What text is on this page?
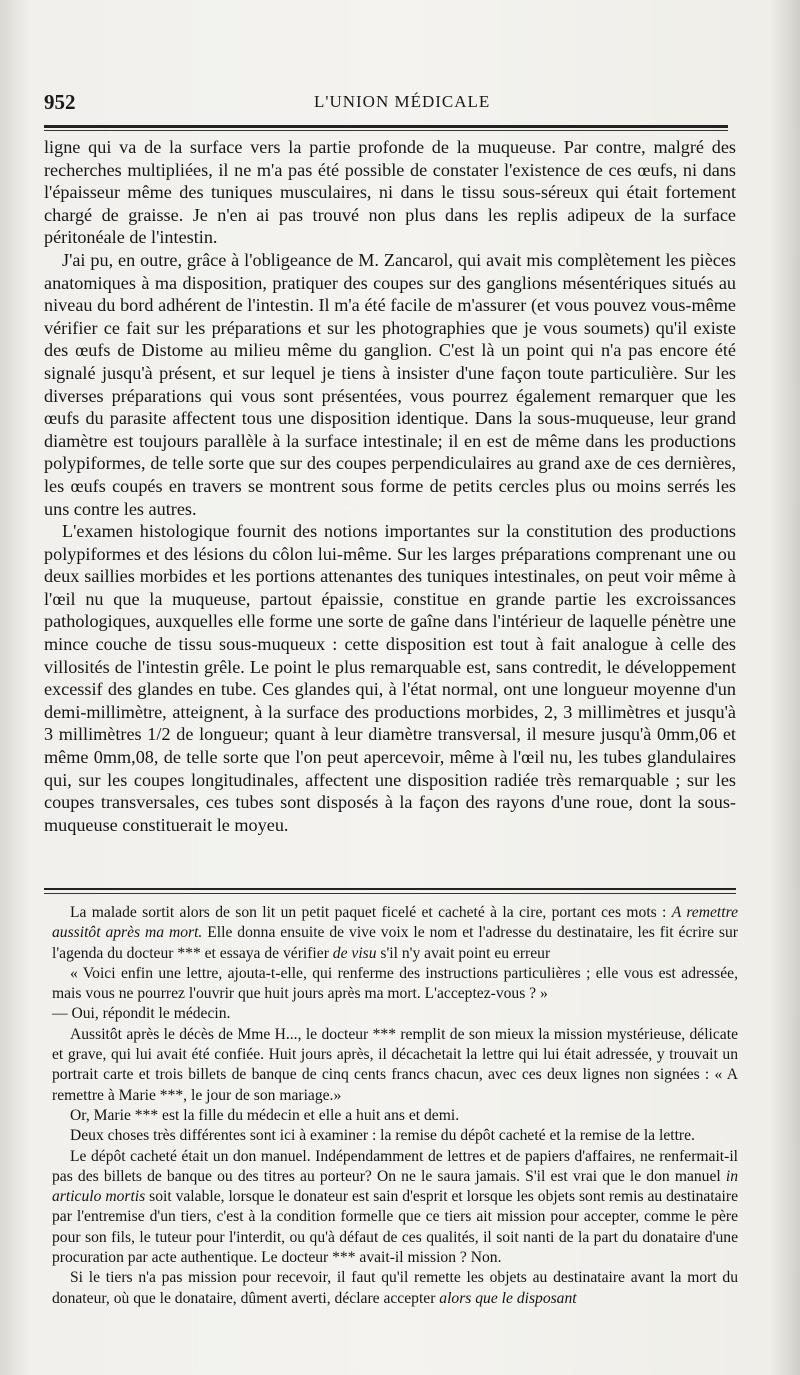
952	L'UNION MÉDICALE

ligne qui va de la surface vers la partie profonde de la muqueuse. Par contre, malgré des recherches multipliées, il ne m'a pas été possible de constater l'existence de ces œufs, ni dans l'épaisseur même des tuniques musculaires, ni dans le tissu sous-séreux qui était fortement chargé de graisse. Je n'en ai pas trouvé non plus dans les replis adipeux de la surface péritonéale de l'intestin.

J'ai pu, en outre, grâce à l'obligeance de M. Zancarol, qui avait mis complètement les pièces anatomiques à ma disposition, pratiquer des coupes sur des ganglions mésentériques situés au niveau du bord adhérent de l'intestin. Il m'a été facile de m'assurer (et vous pouvez vous-même vérifier ce fait sur les préparations et sur les photographies que je vous soumets) qu'il existe des œufs de Distome au milieu même du ganglion. C'est là un point qui n'a pas encore été signalé jusqu'à présent, et sur lequel je tiens à insister d'une façon toute particulière. Sur les diverses préparations qui vous sont présentées, vous pourrez également remarquer que les œufs du parasite affectent tous une disposition identique. Dans la sous-muqueuse, leur grand diamètre est toujours parallèle à la surface intestinale; il en est de même dans les productions polypiformes, de telle sorte que sur des coupes perpendiculaires au grand axe de ces dernières, les œufs coupés en travers se montrent sous forme de petits cercles plus ou moins serrés les uns contre les autres.

L'examen histologique fournit des notions importantes sur la constitution des productions polypiformes et des lésions du côlon lui-même. Sur les larges préparations comprenant une ou deux saillies morbides et les portions attenantes des tuniques intestinales, on peut voir même à l'œil nu que la muqueuse, partout épaissie, constitue en grande partie les excroissances pathologiques, auxquelles elle forme une sorte de gaîne dans l'intérieur de laquelle pénètre une mince couche de tissu sous-muqueux : cette disposition est tout à fait analogue à celle des villosités de l'intestin grêle. Le point le plus remarquable est, sans contredit, le développement excessif des glandes en tube. Ces glandes qui, à l'état normal, ont une longueur moyenne d'un demi-millimètre, atteignent, à la surface des productions morbides, 2, 3 millimètres et jusqu'à 3 millimètres 1/2 de longueur; quant à leur diamètre transversal, il mesure jusqu'à 0mm,06 et même 0mm,08, de telle sorte que l'on peut apercevoir, même à l'œil nu, les tubes glandulaires qui, sur les coupes longitudinales, affectent une disposition radiée très remarquable ; sur les coupes transversales, ces tubes sont disposés à la façon des rayons d'une roue, dont la sous-muqueuse constituerait le moyeu.

La malade sortit alors de son lit un petit paquet ficelé et cacheté à la cire, portant ces mots : A remettre aussitôt après ma mort. Elle donna ensuite de vive voix le nom et l'adresse du destinataire, les fit écrire sur l'agenda du docteur *** et essaya de vérifier de visu s'il n'y avait point eu erreur

« Voici enfin une lettre, ajouta-t-elle, qui renferme des instructions particulières ; elle vous est adressée, mais vous ne pourrez l'ouvrir que huit jours après ma mort. L'acceptez-vous ? »

— Oui, répondit le médecin.

Aussitôt après le décès de Mme H..., le docteur *** remplit de son mieux la mission mystérieuse, délicate et grave, qui lui avait été confiée. Huit jours après, il décachetait la lettre qui lui était adressée, y trouvait un portrait carte et trois billets de banque de cinq cents francs chacun, avec ces deux lignes non signées : « A remettre à Marie ***, le jour de son mariage.»

Or, Marie *** est la fille du médecin et elle a huit ans et demi.

Deux choses très différentes sont ici à examiner : la remise du dépôt cacheté et la remise de la lettre.

Le dépôt cacheté était un don manuel. Indépendamment de lettres et de papiers d'affaires, ne renfermait-il pas des billets de banque ou des titres au porteur? On ne le saura jamais. S'il est vrai que le don manuel in articulo mortis soit valable, lorsque le donateur est sain d'esprit et lorsque les objets sont remis au destinataire par l'entremise d'un tiers, c'est à la condition formelle que ce tiers ait mission pour accepter, comme le père pour son fils, le tuteur pour l'interdit, ou qu'à défaut de ces qualités, il soit nanti de la part du donataire d'une procuration par acte authentique. Le docteur *** avait-il mission ? Non.

Si le tiers n'a pas mission pour recevoir, il faut qu'il remette les objets au destinataire avant la mort du donateur, où que le donataire, dûment averti, déclare accepter alors que le disposant
